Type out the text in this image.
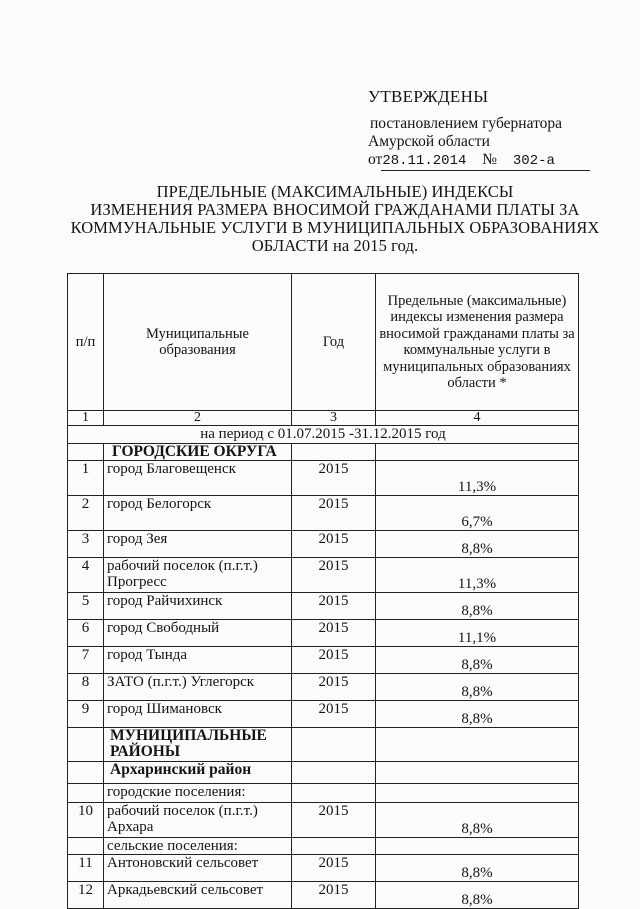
УТВЕРЖДЕНЫ
постановлением губернатора
Амурской области
от28.11.2014 № 302-а
ПРЕДЕЛЬНЫЕ (МАКСИМАЛЬНЫЕ) ИНДЕКСЫ
ИЗМЕНЕНИЯ РАЗМЕРА ВНОСИМОЙ ГРАЖДАНАМИ ПЛАТЫ ЗА
КОММУНАЛЬНЫЕ УСЛУГИ В МУНИЦИПАЛЬНЫХ ОБРАЗОВАНИЯХ
ОБЛАСТИ на 2015 год.
п/п	Муниципальные образования	Год	Предельные (максимальные) индексы изменения размера вносимой гражданами платы за коммунальные услуги в муниципальных образованиях области *
1	2	3	4
на период с 01.07.2015 -31.12.2015 год			
	ГОРОДСКИЕ ОКРУГА		
1	город Благовещенск	2015	11,3%
2	город Белогорск	2015	6,7%
3	город Зея	2015	8,8%
4	рабочий поселок (п.г.т.) Прогресс	2015	11,3%
5	город Райчихинск	2015	8,8%
6	город Свободный	2015	11,1%
7	город Тында	2015	8,8%
8	ЗАТО (п.г.т.) Углегорск	2015	8,8%
9	город Шимановск	2015	8,8%
	МУНИЦИПАЛЬНЫЕ РАЙОНЫ		
	Архаринский район		
	городские поселения:		
10	рабочий поселок (п.г.т.) Архара	2015	8,8%
	сельские поселения:		
11	Антоновский сельсовет	2015	8,8%
12	Аркадьевский сельсовет	2015	8,8%
